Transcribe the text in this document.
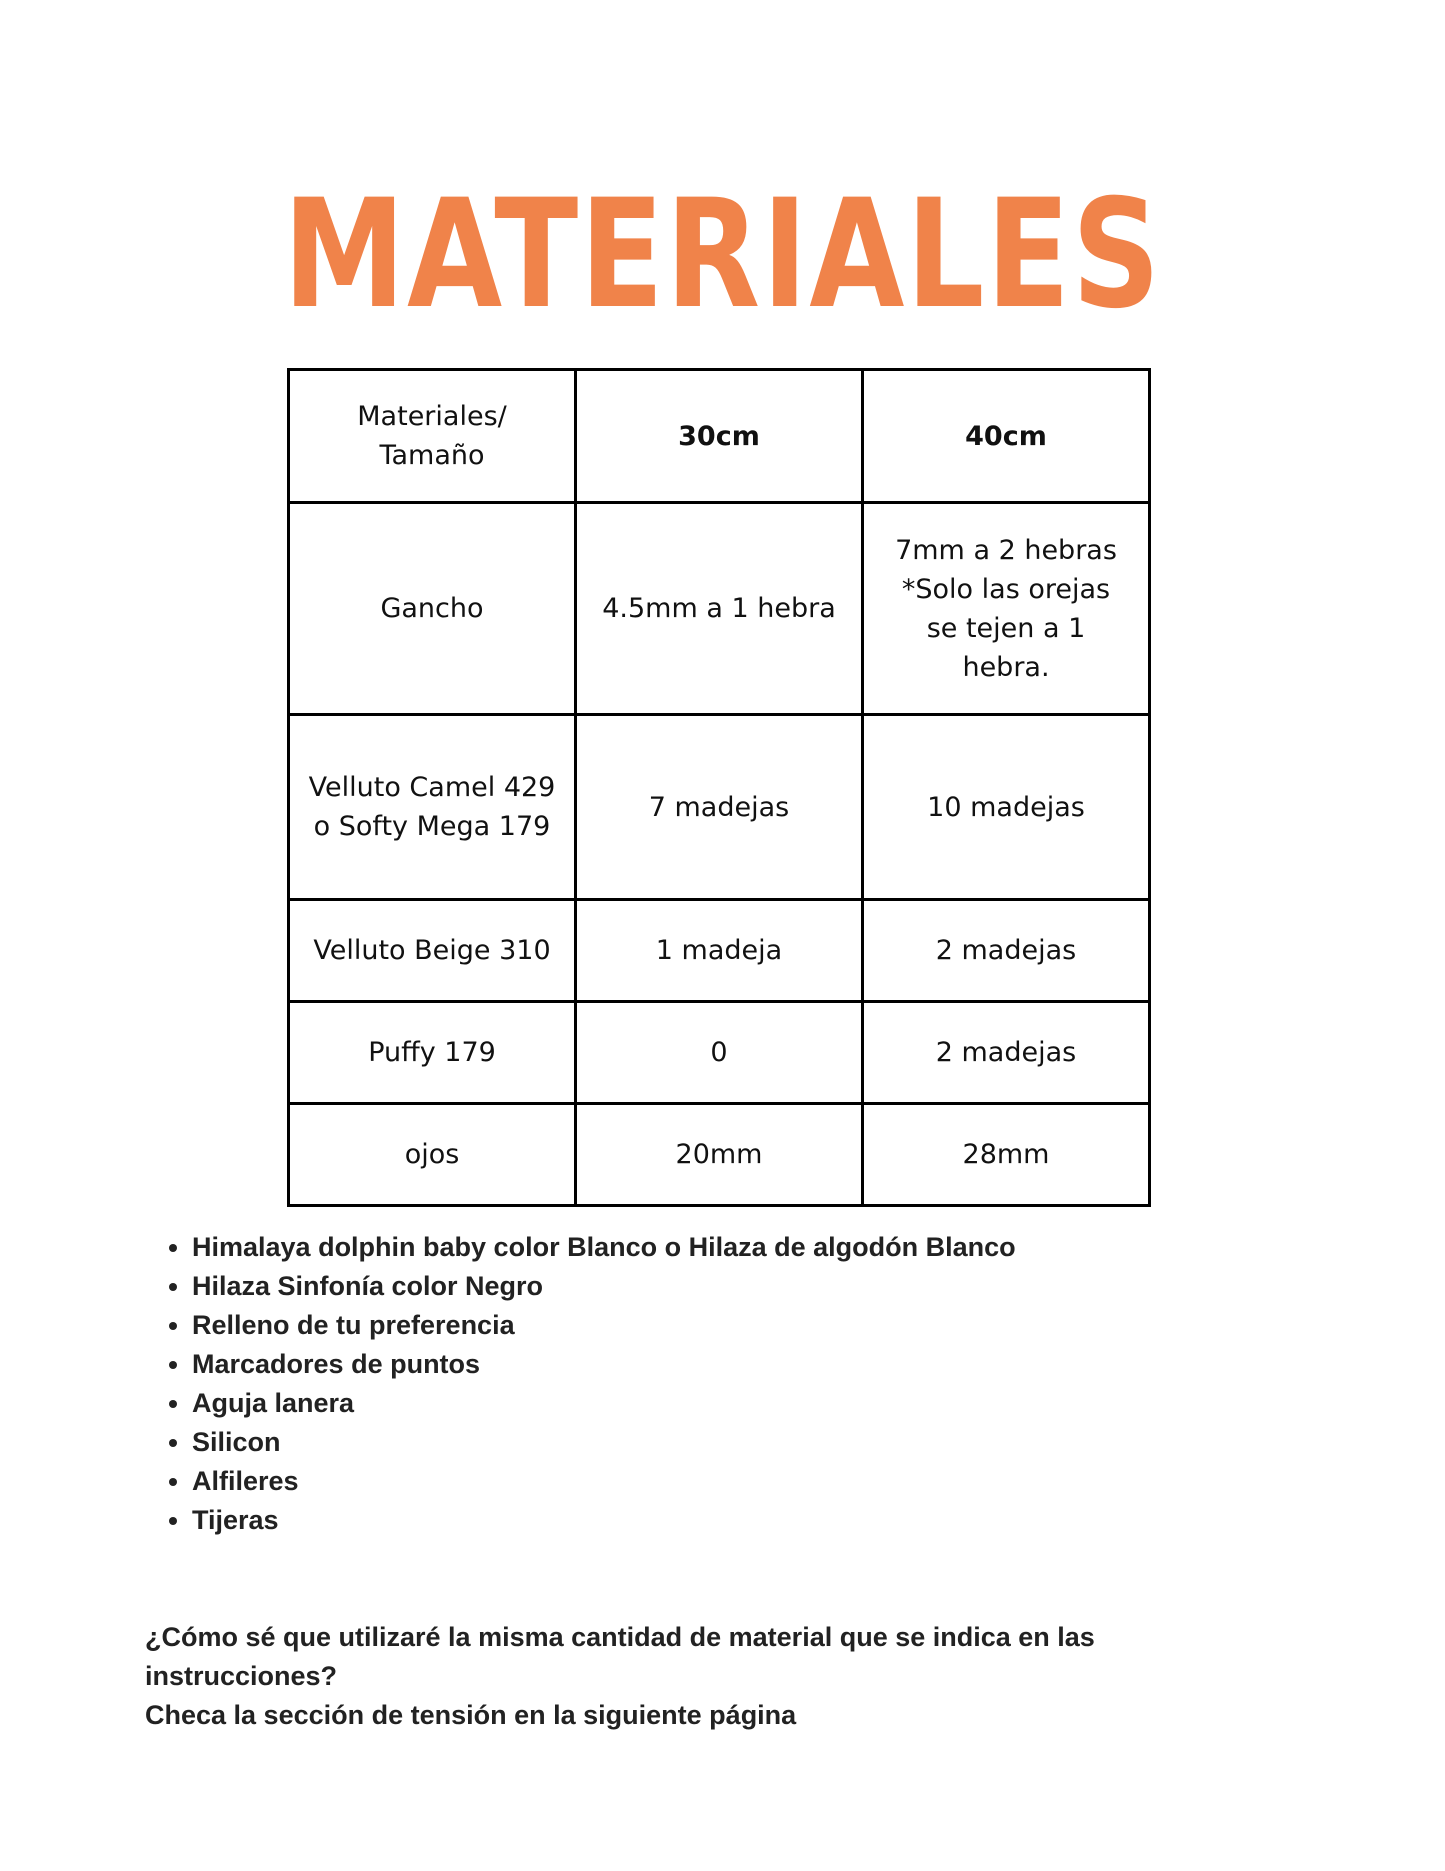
MATERIALES
Materiales/
Tamaño	30cm	40cm
Gancho	4.5mm a 1 hebra	7mm a 2 hebras
*Solo las orejas
se tejen a 1
hebra.
Velluto Camel 429
o Softy Mega 179	7 madejas	10 madejas
Velluto Beige 310	1 madeja	2 madejas
Puffy 179	0	2 madejas
ojos	20mm	28mm
• Himalaya dolphin baby color Blanco o Hilaza de algodón Blanco
• Hilaza Sinfonía color Negro
• Relleno de tu preferencia
• Marcadores de puntos
• Aguja lanera
• Silicon
• Alfileres
• Tijeras

¿Cómo sé que utilizaré la misma cantidad de material que se indica en las instrucciones?

Checa la sección de tensión en la siguiente página
